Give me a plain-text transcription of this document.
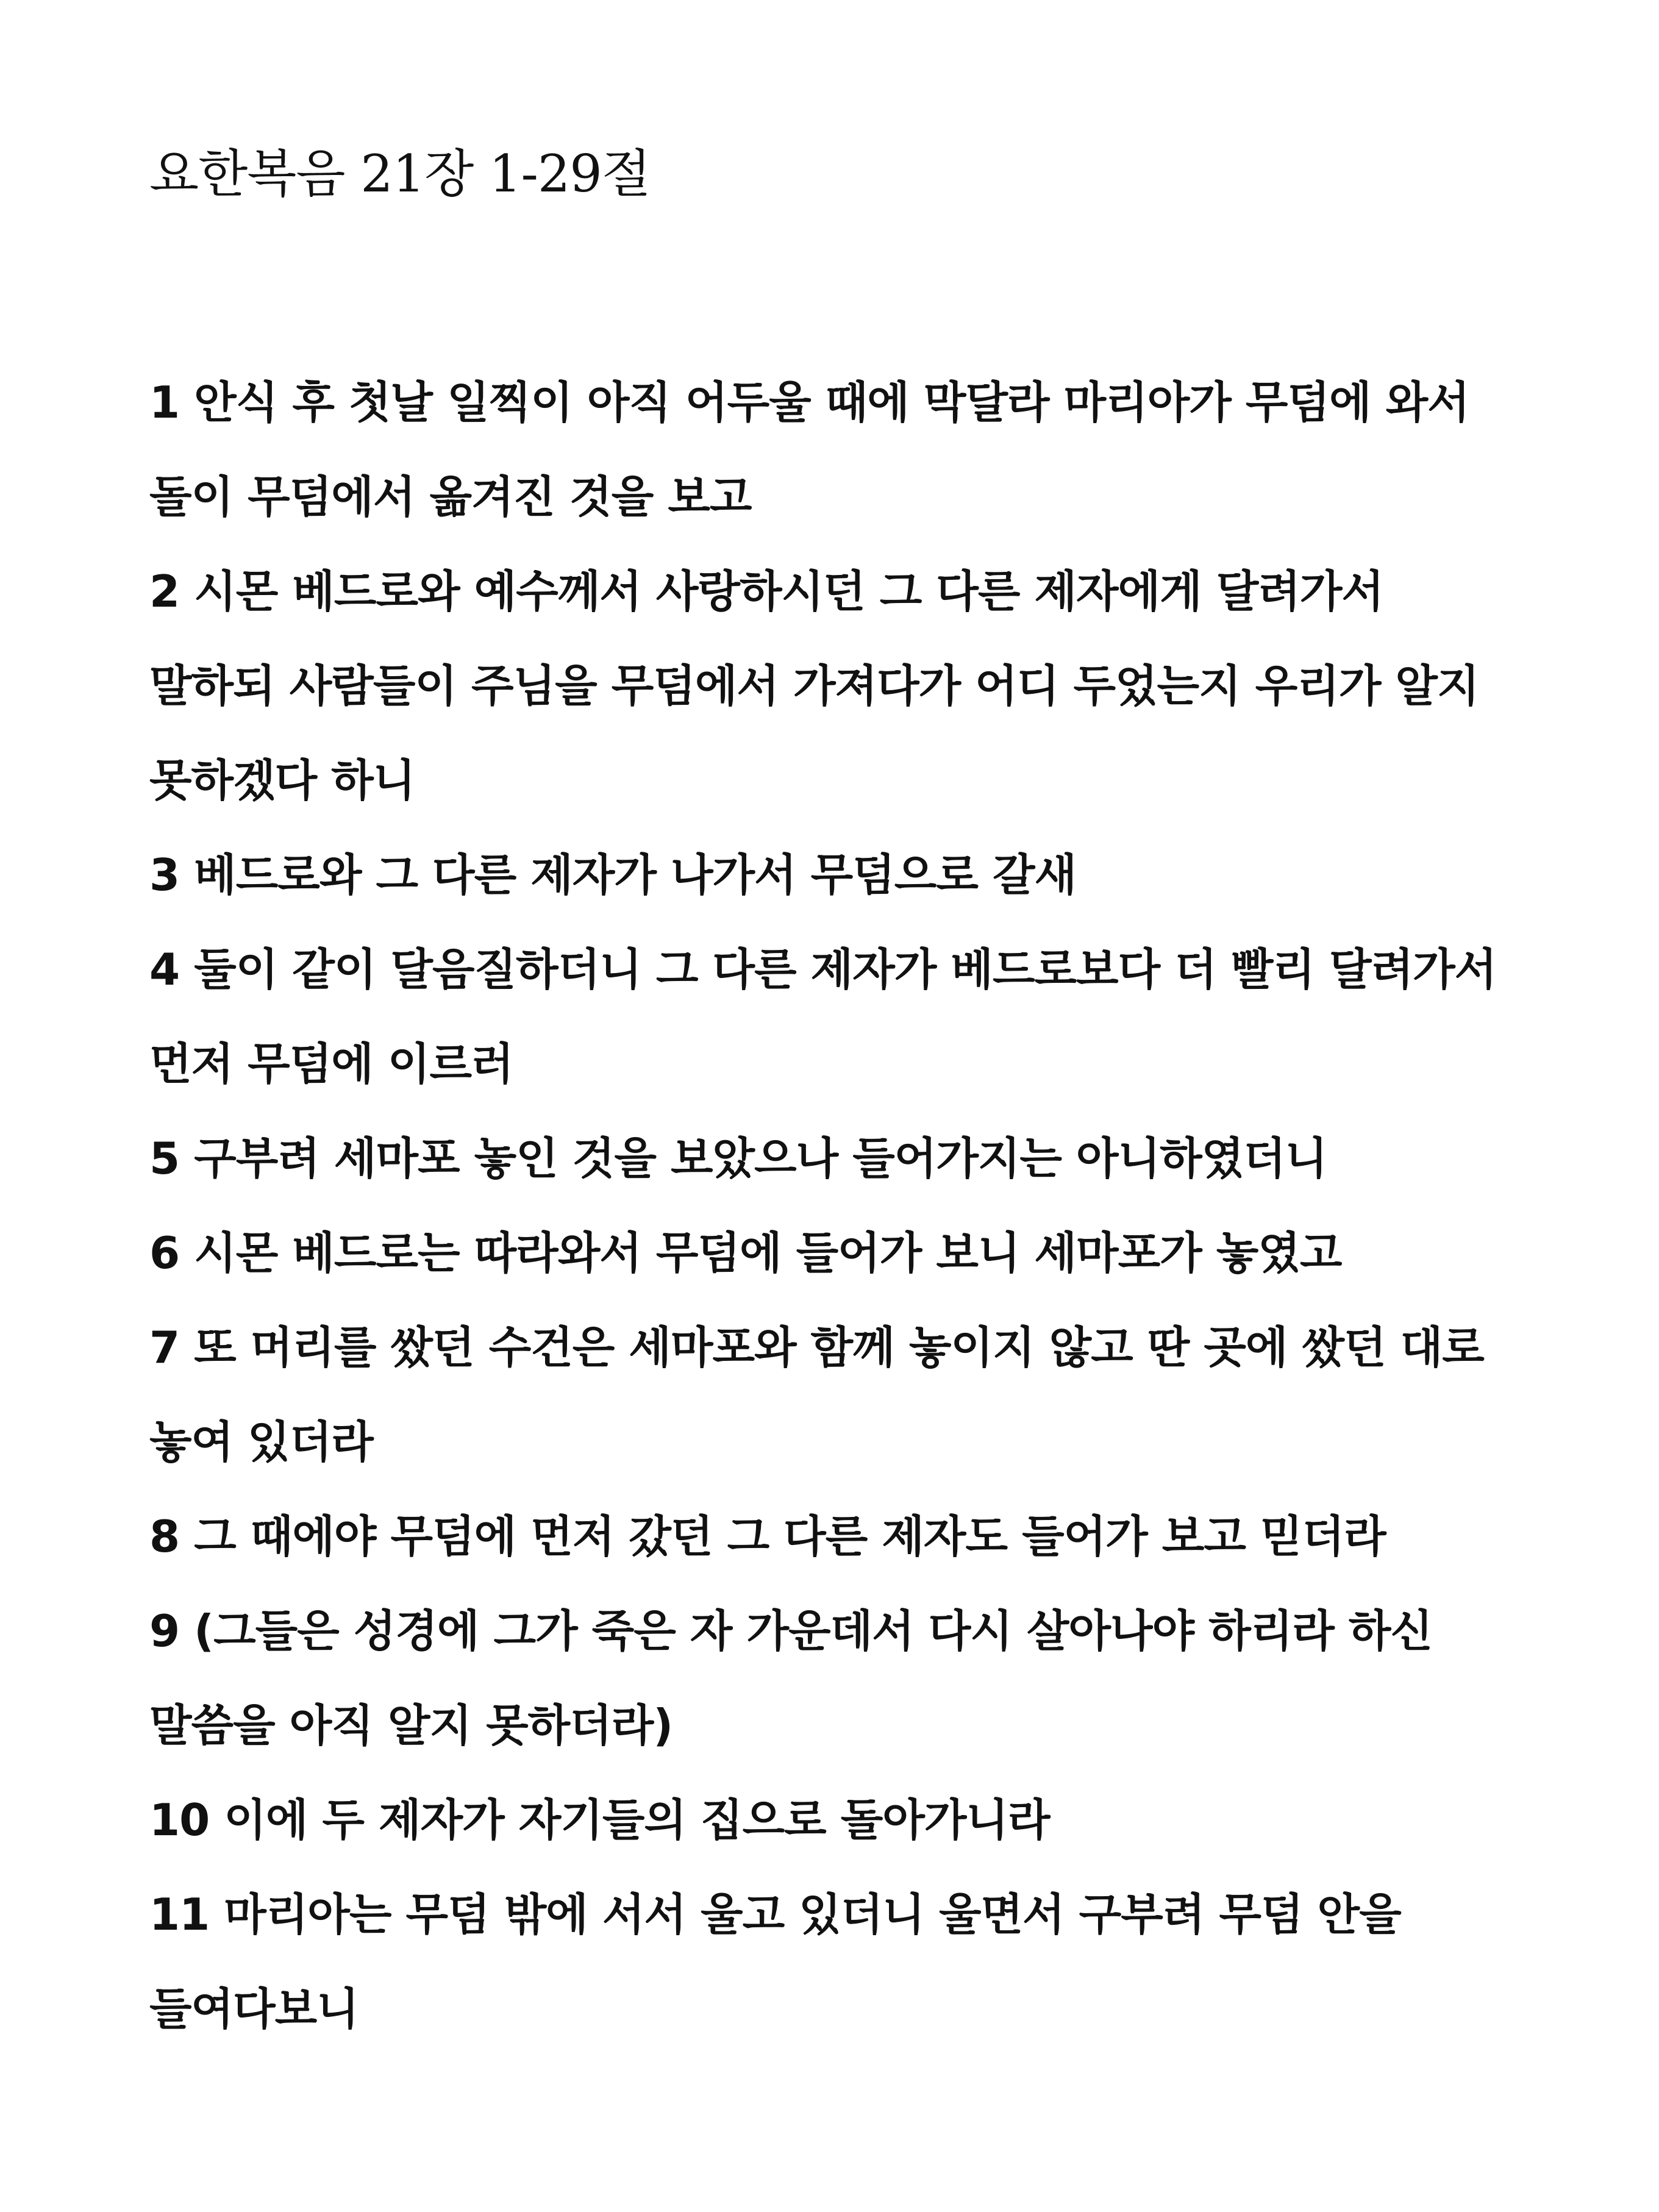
요한복음 21장 1-29절

1 안식 후 첫날 일찍이 아직 어두울 때에 막달라 마리아가 무덤에 와서 돌이 무덤에서 옮겨진 것을 보고

2 시몬 베드로와 예수께서 사랑하시던 그 다른 제자에게 달려가서 말하되 사람들이 주님을 무덤에서 가져다가 어디 두었는지 우리가 알지 못하겠다 하니

3 베드로와 그 다른 제자가 나가서 무덤으로 갈새

4 둘이 같이 달음질하더니 그 다른 제자가 베드로보다 더 빨리 달려가서 먼저 무덤에 이르러

5 구부려 세마포 놓인 것을 보았으나 들어가지는 아니하였더니

6 시몬 베드로는 따라와서 무덤에 들어가 보니 세마포가 놓였고

7 또 머리를 쌌던 수건은 세마포와 함께 놓이지 않고 딴 곳에 쌌던 대로 놓여 있더라

8 그 때에야 무덤에 먼저 갔던 그 다른 제자도 들어가 보고 믿더라

9 (그들은 성경에 그가 죽은 자 가운데서 다시 살아나야 하리라 하신 말씀을 아직 알지 못하더라)

10 이에 두 제자가 자기들의 집으로 돌아가니라

11 마리아는 무덤 밖에 서서 울고 있더니 울면서 구부려 무덤 안을 들여다보니
